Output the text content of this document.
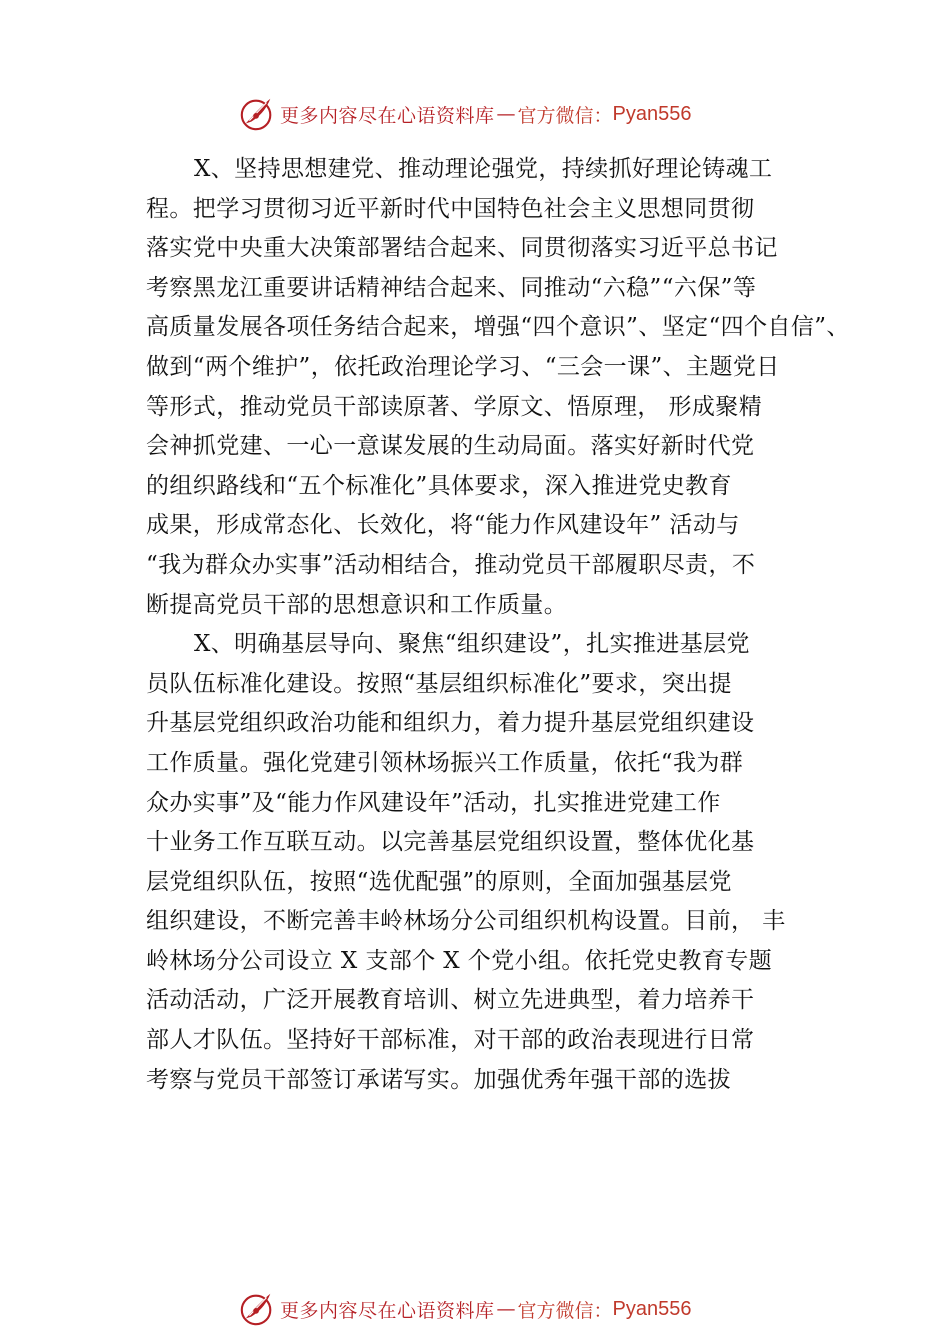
更多内容尽在心语资料库 — 官方微信： Pyan556
X、坚持思想建党、推动理论强党，持续抓好理论铸魂工
程。把学习贯彻习近平新时代中国特色社会主义思想同贯彻
落实党中央重大决策部署结合起来、同贯彻落实习近平总书记
考察黑龙江重要讲话精神结合起来、同推动“六稳”“六保”等
高质量发展各项任务结合起来，增强“四个意识”、坚定“四个自信”、
做到“两个维护”，依托政治理论学习、“三会一课”、主题党日
等形式，推动党员干部读原著、学原文、悟原理， 形成聚精
会神抓党建、一心一意谋发展的生动局面。落实好新时代党
的组织路线和“五个标准化”具体要求，深入推进党史教育
成果，形成常态化、长效化，将“能力作风建设年” 活动与
“我为群众办实事”活动相结合，推动党员干部履职尽责，不
断提高党员干部的思想意识和工作质量。
X、明确基层导向、聚焦“组织建设”，扎实推进基层党
员队伍标准化建设。按照“基层组织标准化”要求，突出提
升基层党组织政治功能和组织力，着力提升基层党组织建设
工作质量。强化党建引领林场振兴工作质量，依托“我为群
众办实事”及“能力作风建设年”活动，扎实推进党建工作
十业务工作互联互动。以完善基层党组织设置，整体优化基
层党组织队伍，按照“选优配强”的原则，全面加强基层党
组织建设，不断完善丰岭林场分公司组织机构设置。目前， 丰
岭林场分公司设立 X 支部个 X 个党小组。依托党史教育专题
活动活动，广泛开展教育培训、树立先进典型，着力培养干
部人才队伍。坚持好干部标准，对干部的政治表现进行日常
考察与党员干部签订承诺写实。加强优秀年强干部的选拔
更多内容尽在心语资料库 — 官方微信： Pyan556
